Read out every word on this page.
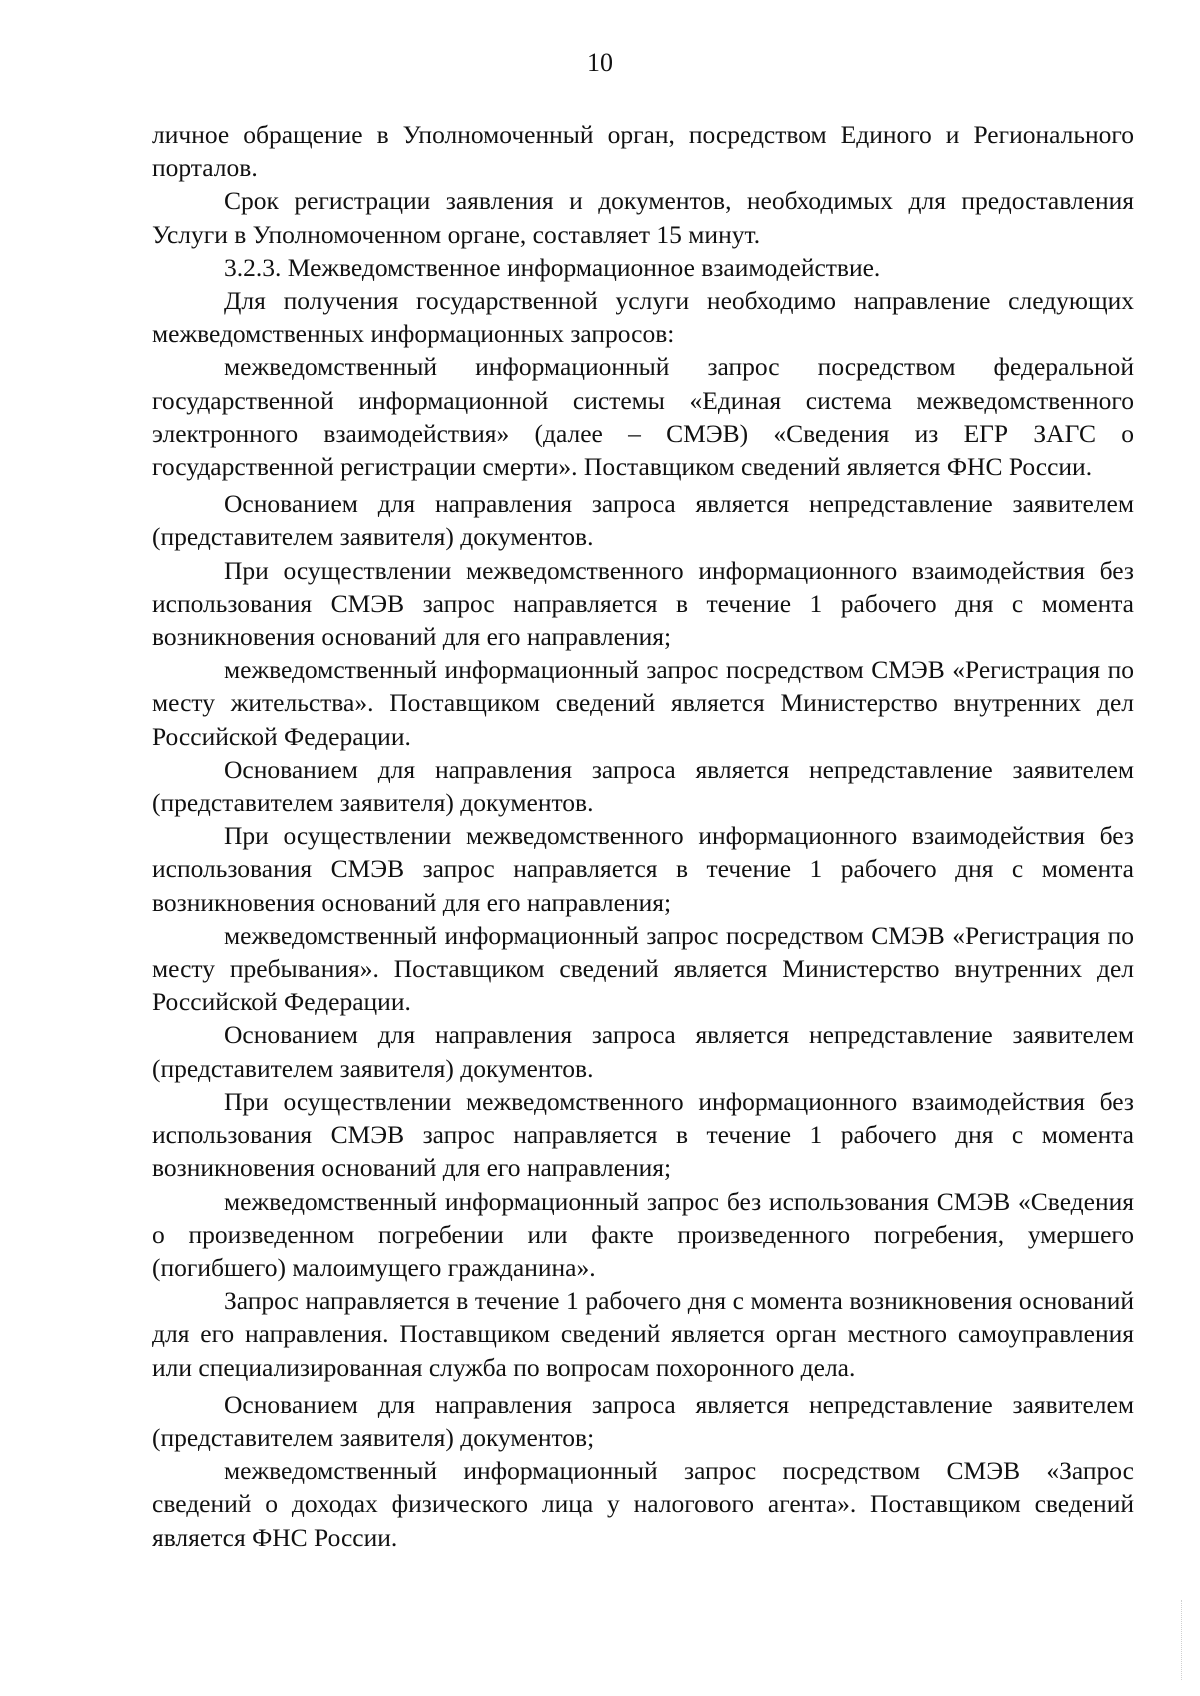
10

личное обращение в Уполномоченный орган, посредством Единого и Регионального порталов.

Срок регистрации заявления и документов, необходимых для предоставления Услуги в Уполномоченном органе, составляет 15 минут.

3.2.3. Межведомственное информационное взаимодействие.

Для получения государственной услуги необходимо направление следующих межведомственных информационных запросов:

межведомственный информационный запрос посредством федеральной государственной информационной системы «Единая система межведомственного электронного взаимодействия» (далее – СМЭВ) «Сведения из ЕГР ЗАГС о государственной регистрации смерти». Поставщиком сведений является ФНС России.

Основанием для направления запроса является непредставление заявителем (представителем заявителя) документов.

При осуществлении межведомственного информационного взаимодействия без использования СМЭВ запрос направляется в течение 1 рабочего дня с момента возникновения оснований для его направления;

межведомственный информационный запрос посредством СМЭВ «Регистрация по месту жительства». Поставщиком сведений является Министерство внутренних дел Российской Федерации.

Основанием для направления запроса является непредставление заявителем (представителем заявителя) документов.

При осуществлении межведомственного информационного взаимодействия без использования СМЭВ запрос направляется в течение 1 рабочего дня с момента возникновения оснований для его направления;

межведомственный информационный запрос посредством СМЭВ «Регистрация по месту пребывания». Поставщиком сведений является Министерство внутренних дел Российской Федерации.

Основанием для направления запроса является непредставление заявителем (представителем заявителя) документов.

При осуществлении межведомственного информационного взаимодействия без использования СМЭВ запрос направляется в течение 1 рабочего дня с момента возникновения оснований для его направления;

межведомственный информационный запрос без использования СМЭВ «Сведения о произведенном погребении или факте произведенного погребения, умершего (погибшего) малоимущего гражданина».

Запрос направляется в течение 1 рабочего дня с момента возникновения оснований для его направления. Поставщиком сведений является орган местного самоуправления или специализированная служба по вопросам похоронного дела.

Основанием для направления запроса является непредставление заявителем (представителем заявителя) документов;

межведомственный информационный запрос посредством СМЭВ «Запрос сведений о доходах физического лица у налогового агента». Поставщиком сведений является ФНС России.
